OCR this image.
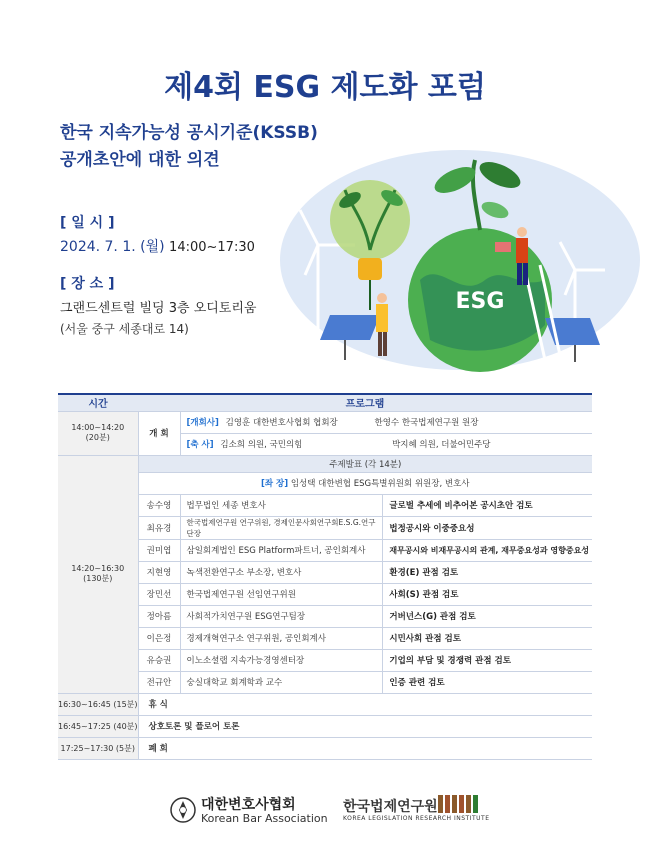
제4회 ESG 제도화 포럼
한국 지속가능성 공시기준(KSSB)
공개초안에 대한 의견
[ 일 시 ]
2024. 7. 1. (월) 14:00~17:30
[ 장 소 ]
그랜드센트럴 빌딩 3층 오디토리움
(서울 중구 세종대로 14)
ESG
시간	프로그램		

14:00~14:20
(20분)	개 회	[개회사] 김영훈 대한변호사협회 협회장 한영수 한국법제연구원 원장	
		[축 사] 김소희 의원, 국민의힘 박지혜 의원, 더불어민주당	

14:20~16:30
(130분)	주제발표 (각 14분)		
	[좌 장] 임성택 대한변협 ESG특별위원회 위원장, 변호사		
	송수영	법무법인 세종 변호사	글로벌 추세에 비추어본 공시초안 검토
	최유경	한국법제연구원 연구위원, 경제인문사회연구회E.S.G.연구단장	법정공시와 이중중요성
	권미엽	삼일회계법인 ESG Platform파트너, 공인회계사	재무공시와 비재무공시의 관계, 재무중요성과 영향중요성
	지현영	녹색전환연구소 부소장, 변호사	환경(E) 관점 검토
	장민선	한국법제연구원 선임연구위원	사회(S) 관점 검토
	정아름	사회적가치연구원 ESG연구팀장	거버넌스(G) 관점 검토
	이은정	경제개혁연구소 연구위원, 공인회계사	시민사회 관점 검토
	유승권	이노소셜랩 지속가능경영센터장	기업의 부담 및 경쟁력 관점 검토
	전규안	숭실대학교 회계학과 교수	인증 관련 검토
16:30~16:45 (15분)	휴 식		
16:45~17:25 (40분)	상호토론 및 플로어 토론		
17:25~17:30 (5분)	폐 회		
대한변호사협회
Korean Bar Association
한국법제연구원
KOREA LEGISLATION RESEARCH INSTITUTE
